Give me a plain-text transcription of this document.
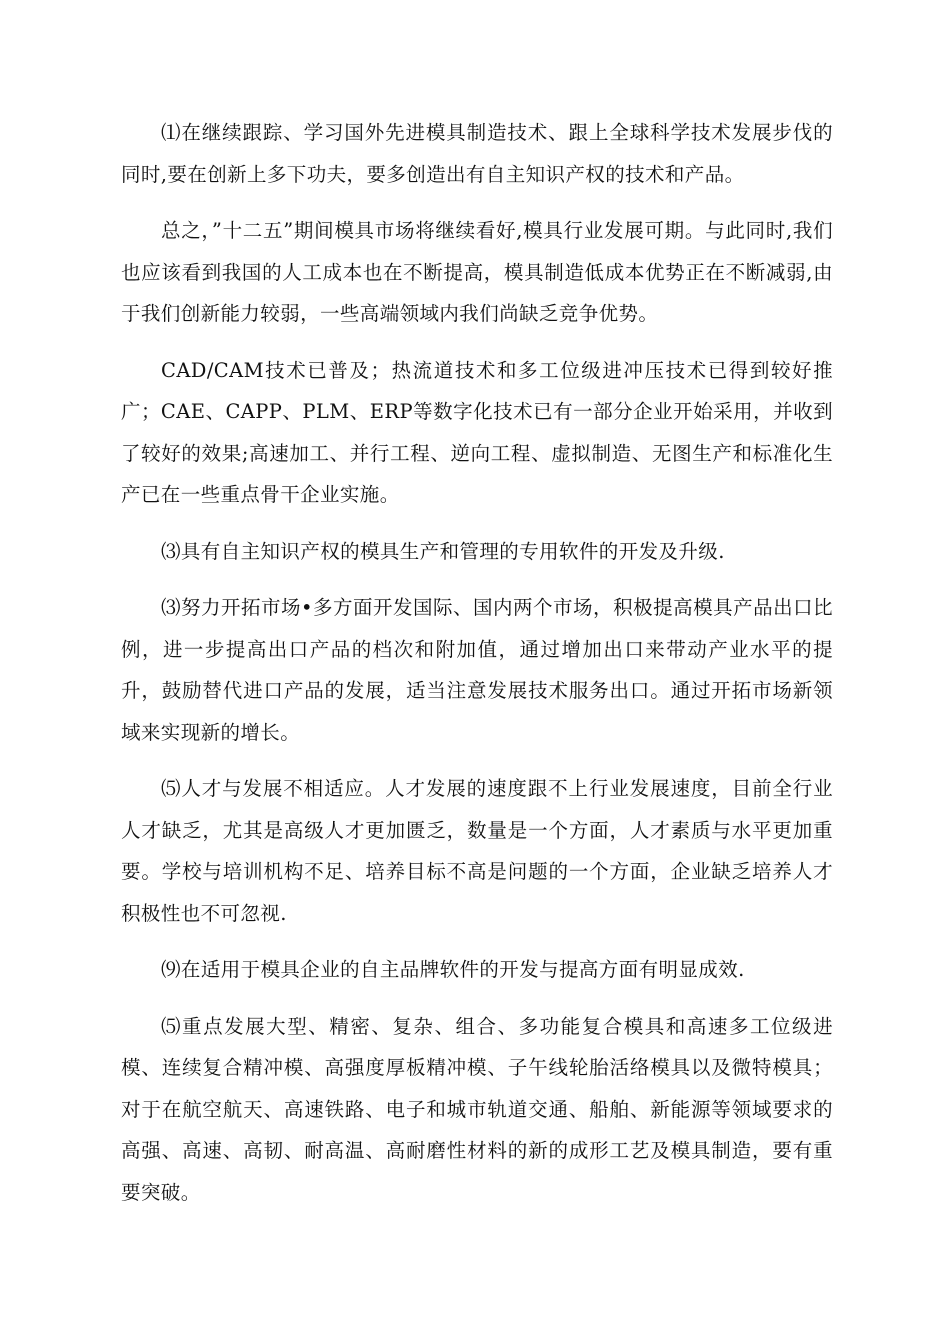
⑴在继续跟踪、学习国外先进模具制造技术、跟上全球科学技术发展步伐的同时,要在创新上多下功夫，要多创造出有自主知识产权的技术和产品。

总之，”十二五”期间模具市场将继续看好,模具行业发展可期。与此同时,我们也应该看到我国的人工成本也在不断提高，模具制造低成本优势正在不断减弱,由于我们创新能力较弱，一些高端领域内我们尚缺乏竞争优势。

CAD/CAM技术已普及；热流道技术和多工位级进冲压技术已得到较好推广；CAE、CAPP、PLM、ERP等数字化技术已有一部分企业开始采用，并收到了较好的效果;高速加工、并行工程、逆向工程、虚拟制造、无图生产和标准化生产已在一些重点骨干企业实施。

⑶具有自主知识产权的模具生产和管理的专用软件的开发及升级.

⑶努力开拓市场•多方面开发国际、国内两个市场，积极提高模具产品出口比例，进一步提高出口产品的档次和附加值，通过增加出口来带动产业水平的提升，鼓励替代进口产品的发展，适当注意发展技术服务出口。通过开拓市场新领域来实现新的增长。

⑸人才与发展不相适应。人才发展的速度跟不上行业发展速度，目前全行业人才缺乏，尤其是高级人才更加匮乏，数量是一个方面，人才素质与水平更加重要。学校与培训机构不足、培养目标不高是问题的一个方面，企业缺乏培养人才积极性也不可忽视.

⑼在适用于模具企业的自主品牌软件的开发与提高方面有明显成效.

⑸重点发展大型、精密、复杂、组合、多功能复合模具和高速多工位级进模、连续复合精冲模、高强度厚板精冲模、子午线轮胎活络模具以及微特模具；对于在航空航天、高速铁路、电子和城市轨道交通、船舶、新能源等领域要求的高强、高速、高韧、耐高温、高耐磨性材料的新的成形工艺及模具制造，要有重要突破。
